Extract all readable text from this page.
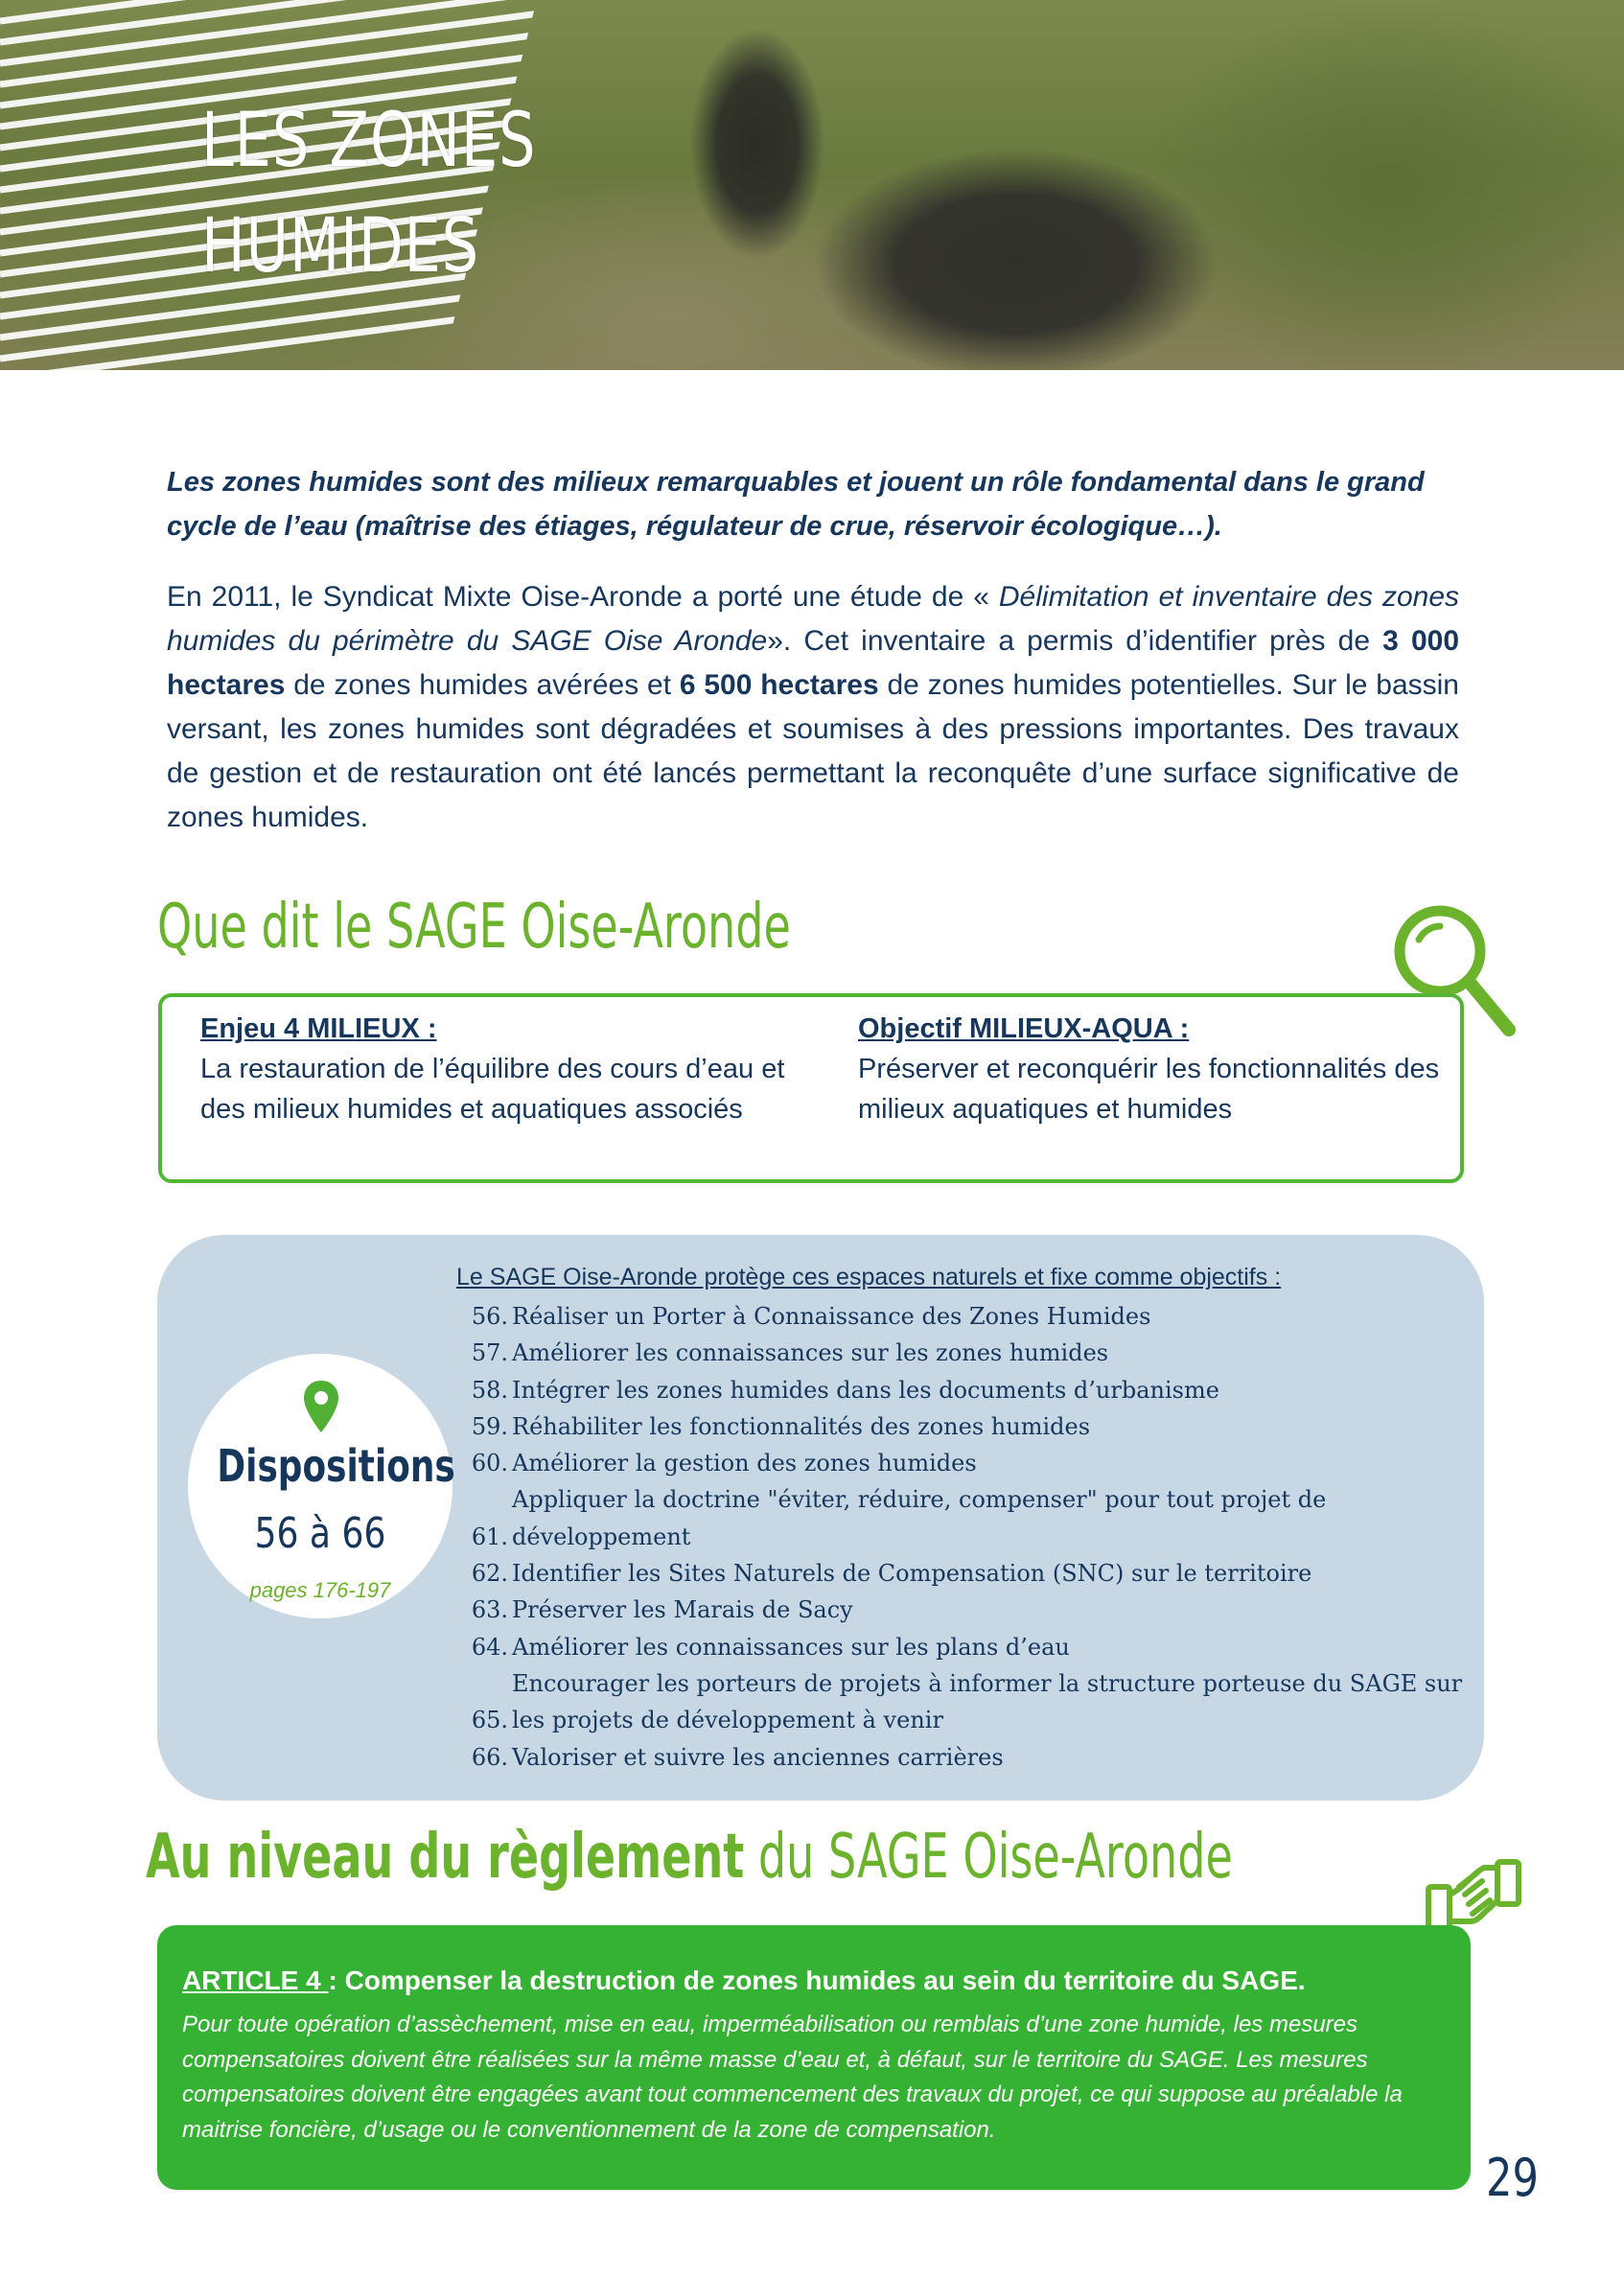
LES ZONES
HUMIDES

Les zones humides sont des milieux remarquables et jouent un rôle fondamental dans le grand cycle de l’eau (maîtrise des étiages, régulateur de crue, réservoir écologique…).

En 2011, le Syndicat Mixte Oise-Aronde a porté une étude de « Délimitation et inventaire des zones humides du périmètre du SAGE Oise Aronde». Cet inventaire a permis d’identifier près de 3 000 hectares de zones humides avérées et 6 500 hectares de zones humides potentielles. Sur le bassin versant, les zones humides sont dégradées et soumises à des pressions importantes. Des travaux de gestion et de restauration ont été lancés permettant la reconquête d’une surface significative de zones humides.

Que dit le SAGE Oise-Aronde
Enjeu 4 MILIEUX :
La restauration de l’équilibre des cours d’eau et des milieux humides et aquatiques associés
Objectif MILIEUX-AQUA :
Préserver et reconquérir les fonctionnalités des milieux aquatiques et humides
Dispositions
56 à 66
pages 176-197

Le SAGE Oise-Aronde protège ces espaces naturels et fixe comme objectifs :

56. Réaliser un Porter à Connaissance des Zones Humides
57. Améliorer les connaissances sur les zones humides
58. Intégrer les zones humides dans les documents d’urbanisme
59. Réhabiliter les fonctionnalités des zones humides
60. Améliorer la gestion des zones humides
Appliquer la doctrine "éviter, réduire, compenser" pour tout projet de
61. développement
62. Identifier les Sites Naturels de Compensation (SNC) sur le territoire
63. Préserver les Marais de Sacy
64. Améliorer les connaissances sur les plans d’eau
Encourager les porteurs de projets à informer la structure porteuse du SAGE sur
65. les projets de développement à venir
66. Valoriser et suivre les anciennes carrières
Au niveau du règlement du SAGE Oise-Aronde

ARTICLE 4 : Compenser la destruction de zones humides au sein du territoire du SAGE.

Pour toute opération d’assèchement, mise en eau, imperméabilisation ou remblais d’une zone humide, les mesures compensatoires doivent être réalisées sur la même masse d’eau et, à défaut, sur le territoire du SAGE. Les mesures compensatoires doivent être engagées avant tout commencement des travaux du projet, ce qui suppose au préalable la maitrise foncière, d’usage ou le conventionnement de la zone de compensation.

29
